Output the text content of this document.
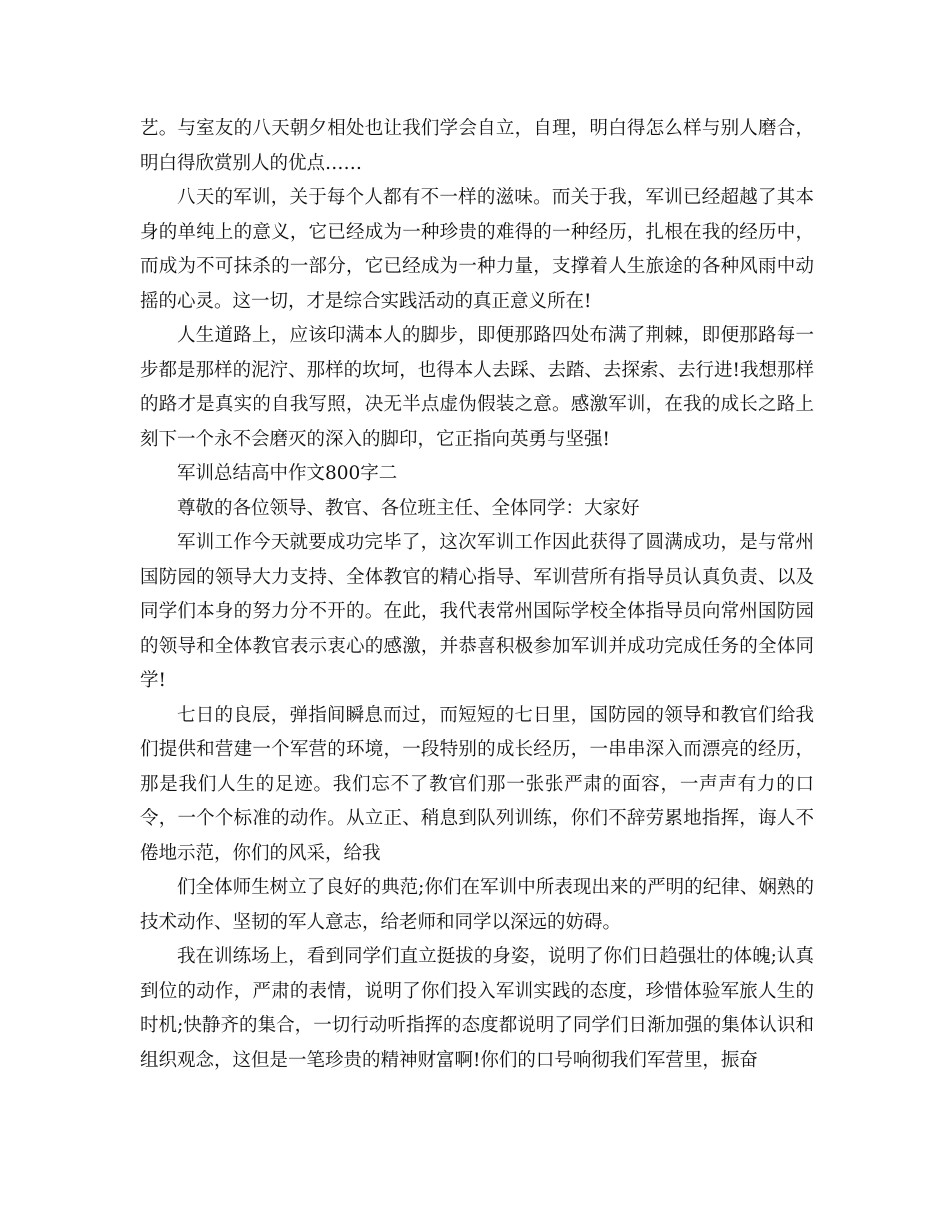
艺。与室友的八天朝夕相处也让我们学会自立，自理，明白得怎么样与别人磨合，明白得欣赏别人的优点……

八天的军训，关于每个人都有不一样的滋味。而关于我，军训已经超越了其本身的单纯上的意义，它已经成为一种珍贵的难得的一种经历，扎根在我的经历中，而成为不可抹杀的一部分，它已经成为一种力量，支撑着人生旅途的各种风雨中动摇的心灵。这一切，才是综合实践活动的真正意义所在!

人生道路上，应该印满本人的脚步，即便那路四处布满了荆棘，即便那路每一步都是那样的泥泞、那样的坎坷，也得本人去踩、去踏、去探索、去行进!我想那样的路才是真实的自我写照，决无半点虚伪假装之意。感激军训，在我的成长之路上刻下一个永不会磨灭的深入的脚印，它正指向英勇与坚强!

军训总结高中作文800字二

尊敬的各位领导、教官、各位班主任、全体同学：大家好

军训工作今天就要成功完毕了，这次军训工作因此获得了圆满成功，是与常州国防园的领导大力支持、全体教官的精心指导、军训营所有指导员认真负责、以及同学们本身的努力分不开的。在此，我代表常州国际学校全体指导员向常州国防园的领导和全体教官表示衷心的感激，并恭喜积极参加军训并成功完成任务的全体同学!

七日的良辰，弹指间瞬息而过，而短短的七日里，国防园的领导和教官们给我们提供和营建一个军营的环境，一段特别的成长经历，一串串深入而漂亮的经历，那是我们人生的足迹。我们忘不了教官们那一张张严肃的面容，一声声有力的口令，一个个标准的动作。从立正、稍息到队列训练，你们不辞劳累地指挥，诲人不倦地示范，你们的风采，给我

们全体师生树立了良好的典范;你们在军训中所表现出来的严明的纪律、娴熟的技术动作、坚韧的军人意志，给老师和同学以深远的妨碍。

我在训练场上，看到同学们直立挺拔的身姿，说明了你们日趋强壮的体魄;认真到位的动作，严肃的表情，说明了你们投入军训实践的态度，珍惜体验军旅人生的时机;快静齐的集合，一切行动听指挥的态度都说明了同学们日渐加强的集体认识和组织观念，这但是一笔珍贵的精神财富啊!你们的口号响彻我们军营里，振奋
